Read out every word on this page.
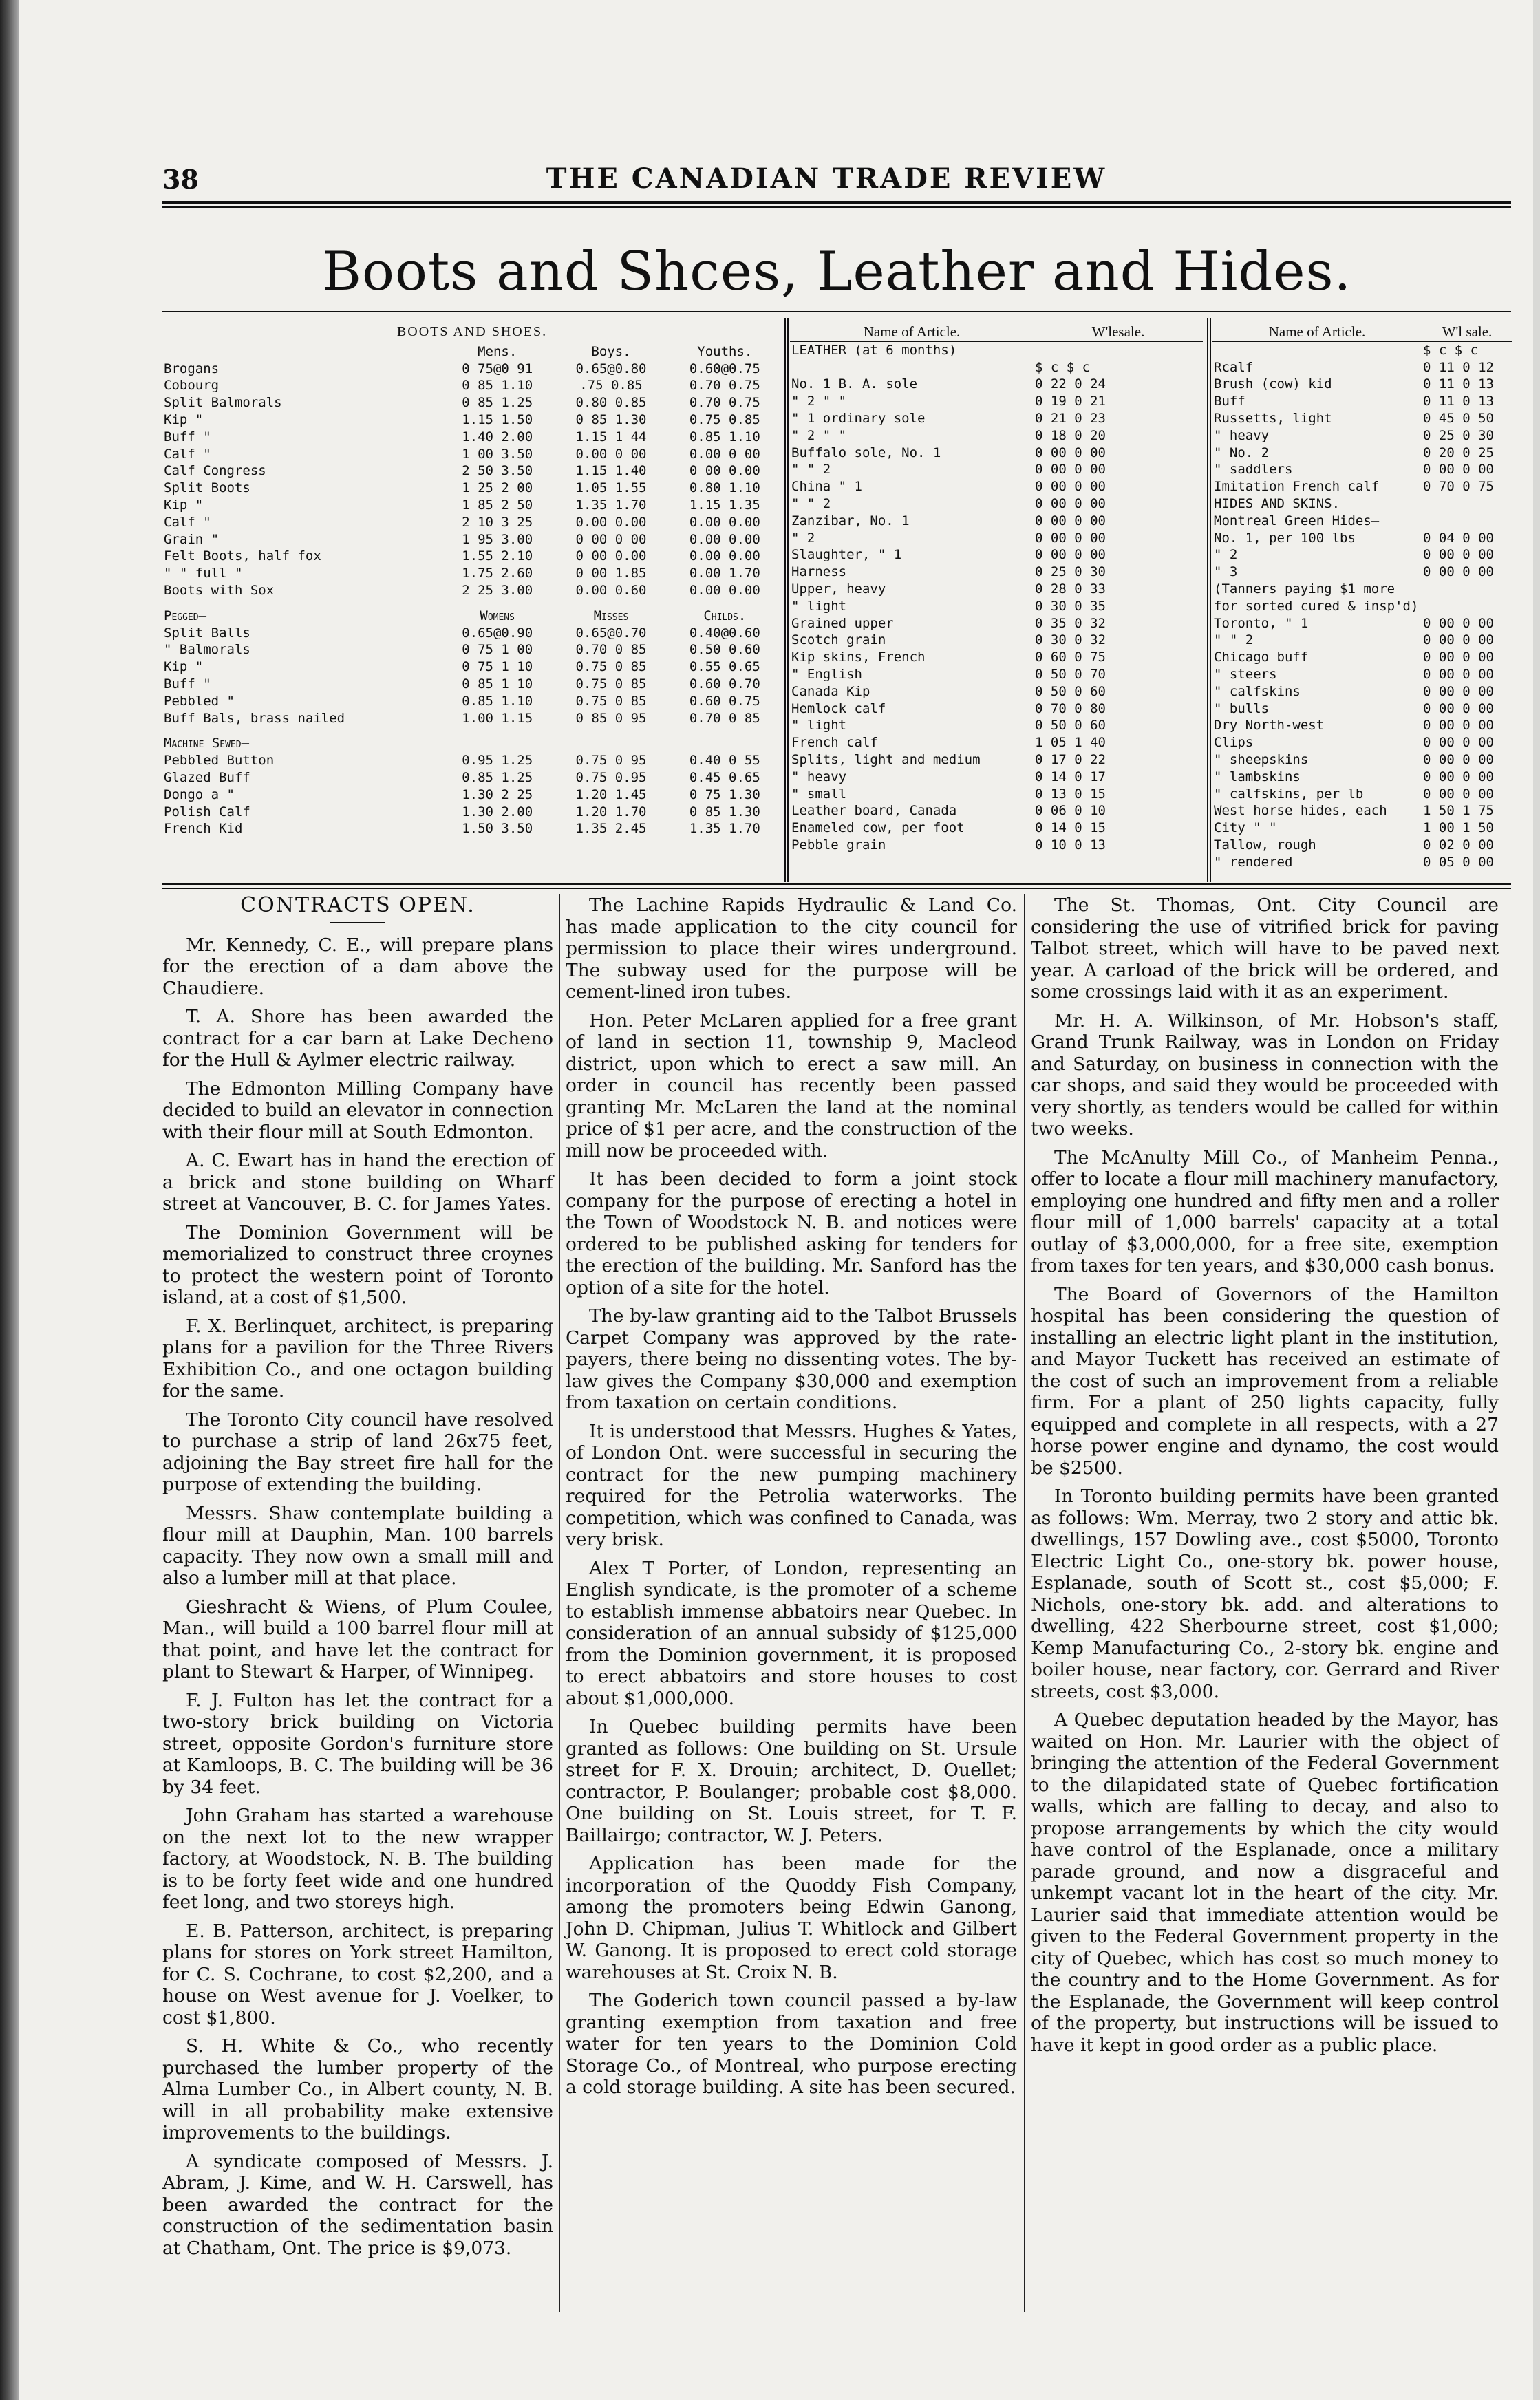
38	THE CANADIAN TRADE REVIEW
Boots and Shces, Leather and Hides.
BOOTS AND SHOES.
	Mens.	Boys.	Youths.
Brogans	0 75@0 91	0.65@0.80	0.60@0.75
Cobourg	0 85 1.10	.75 0.85	0.70 0.75
Split Balmorals	0 85 1.25	0.80 0.85	0.70 0.75
Kip "	1.15 1.50	0 85 1.30	0.75 0.85
Buff "	1.40 2.00	1.15 1 44	0.85 1.10
Calf "	1 00 3.50	0.00 0 00	0.00 0 00
Calf Congress	2 50 3.50	1.15 1.40	0 00 0.00
Split Boots	1 25 2 00	1.05 1.55	0.80 1.10
Kip "	1 85 2 50	1.35 1.70	1.15 1.35
Calf "	2 10 3 25	0.00 0.00	0.00 0.00
Grain "	1 95 3.00	0 00 0 00	0.00 0.00
Felt Boots, half fox	1.55 2.10	0 00 0.00	0.00 0.00
" " full "	1.75 2.60	0 00 1.85	0.00 1.70
Boots with Sox	2 25 3.00	0.00 0.60	0.00 0.00
Pegged—	Womens	Misses	Childs.
Split Balls	0.65@0.90	0.65@0.70	0.40@0.60
" Balmorals	0 75 1 00	0.70 0 85	0.50 0.60
Kip "	0 75 1 10	0.75 0 85	0.55 0.65
Buff "	0 85 1 10	0.75 0 85	0.60 0.70
Pebbled "	0.85 1.10	0.75 0 85	0.60 0.75
Buff Bals, brass nailed	1.00 1.15	0 85 0 95	0.70 0 85
Machine Sewed—			
Pebbled Button	0.95 1.25	0.75 0 95	0.40 0 55
Glazed Buff	0.85 1.25	0.75 0.95	0.45 0.65
Dongo a "	1.30 2 25	1.20 1.45	0 75 1.30
Polish Calf	1.30 2.00	1.20 1.70	0 85 1.30
French Kid	1.50 3.50	1.35 2.45	1.35 1.70
Name of Article.	W'lesale.
LEATHER (at 6 months)	
	$ c $ c
No. 1 B. A. sole	0 22 0 24
" 2 " "	0 19 0 21
" 1 ordinary sole	0 21 0 23
" 2 " "	0 18 0 20
Buffalo sole, No. 1	0 00 0 00
" " 2	0 00 0 00
China " 1	0 00 0 00
" " 2	0 00 0 00
Zanzibar, No. 1	0 00 0 00
" 2	0 00 0 00
Slaughter, " 1	0 00 0 00
Harness	0 25 0 30
Upper, heavy	0 28 0 33
" light	0 30 0 35
Grained upper	0 35 0 32
Scotch grain	0 30 0 32
Kip skins, French	0 60 0 75
" English	0 50 0 70
Canada Kip	0 50 0 60
Hemlock calf	0 70 0 80
" light	0 50 0 60
French calf	1 05 1 40
Splits, light and medium	0 17 0 22
" heavy	0 14 0 17
" small	0 13 0 15
Leather board, Canada	0 06 0 10
Enameled cow, per foot	0 14 0 15
Pebble grain	0 10 0 13
Name of Article.	W'l sale.
	$ c $ c
Rcalf	0 11 0 12
Brush (cow) kid	0 11 0 13
Buff	0 11 0 13
Russetts, light	0 45 0 50
" heavy	0 25 0 30
" No. 2	0 20 0 25
" saddlers	0 00 0 00
Imitation French calf	0 70 0 75
HIDES AND SKINS.	
Montreal Green Hides—	
No. 1, per 100 lbs	0 04 0 00
" 2	0 00 0 00
" 3	0 00 0 00
(Tanners paying $1 more	
for sorted cured & insp'd)	
Toronto, " 1	0 00 0 00
" " 2	0 00 0 00
Chicago buff	0 00 0 00
" steers	0 00 0 00
" calfskins	0 00 0 00
" bulls	0 00 0 00
Dry North-west	0 00 0 00
Clips	0 00 0 00
" sheepskins	0 00 0 00
" lambskins	0 00 0 00
" calfskins, per lb	0 00 0 00
West horse hides, each	1 50 1 75
City " "	1 00 1 50
Tallow, rough	0 02 0 00
" rendered	0 05 0 00
CONTRACTS OPEN.

Mr. Kennedy, C. E., will prepare plans for the erection of a dam above the Chaudiere.

T. A. Shore has been awarded the contract for a car barn at Lake Decheno for the Hull & Aylmer electric railway.

The Edmonton Milling Company have decided to build an elevator in connection with their flour mill at South Edmonton.

A. C. Ewart has in hand the erection of a brick and stone building on Wharf street at Vancouver, B. C. for James Yates.

The Dominion Government will be memorialized to construct three croynes to protect the western point of Toronto island, at a cost of $1,500.

F. X. Berlinquet, architect, is preparing plans for a pavilion for the Three Rivers Exhibition Co., and one octagon building for the same.

The Toronto City council have resolved to purchase a strip of land 26x75 feet, adjoining the Bay street fire hall for the purpose of extending the building.

Messrs. Shaw contemplate building a flour mill at Dauphin, Man. 100 barrels capacity. They now own a small mill and also a lumber mill at that place.

Gieshracht & Wiens, of Plum Coulee, Man., will build a 100 barrel flour mill at that point, and have let the contract for plant to Stewart & Harper, of Winnipeg.

F. J. Fulton has let the contract for a two-story brick building on Victoria street, opposite Gordon's furniture store at Kamloops, B. C. The building will be 36 by 34 feet.

John Graham has started a warehouse on the next lot to the new wrapper factory, at Woodstock, N. B. The building is to be forty feet wide and one hundred feet long, and two storeys high.

E. B. Patterson, architect, is preparing plans for stores on York street Hamilton, for C. S. Cochrane, to cost $2,200, and a house on West avenue for J. Voelker, to cost $1,800.

S. H. White & Co., who recently purchased the lumber property of the Alma Lumber Co., in Albert county, N. B. will in all probability make extensive improvements to the buildings.

A syndicate composed of Messrs. J. Abram, J. Kime, and W. H. Carswell, has been awarded the contract for the construction of the sedimentation basin at Chatham, Ont. The price is $9,073.

The Lachine Rapids Hydraulic & Land Co. has made application to the city council for permission to place their wires underground. The subway used for the purpose will be cement-lined iron tubes.

Hon. Peter McLaren applied for a free grant of land in section 11, township 9, Macleod district, upon which to erect a saw mill. An order in council has recently been passed granting Mr. McLaren the land at the nominal price of $1 per acre, and the construction of the mill now be proceeded with.

It has been decided to form a joint stock company for the purpose of erecting a hotel in the Town of Woodstock N. B. and notices were ordered to be published asking for tenders for the erection of the building. Mr. Sanford has the option of a site for the hotel.

The by-law granting aid to the Talbot Brussels Carpet Company was approved by the rate-payers, there being no dissenting votes. The by-law gives the Company $30,000 and exemption from taxation on certain conditions.

It is understood that Messrs. Hughes & Yates, of London Ont. were successful in securing the contract for the new pumping machinery required for the Petrolia waterworks. The competition, which was confined to Canada, was very brisk.

Alex T Porter, of London, representing an English syndicate, is the promoter of a scheme to establish immense abbatoirs near Quebec. In consideration of an annual subsidy of $125,000 from the Dominion government, it is proposed to erect abbatoirs and store houses to cost about $1,000,000.

In Quebec building permits have been granted as follows: One building on St. Ursule street for F. X. Drouin; architect, D. Ouellet; contractor, P. Boulanger; probable cost $8,000. One building on St. Louis street, for T. F. Baillairgo; contractor, W. J. Peters.

Application has been made for the incorporation of the Quoddy Fish Company, among the promoters being Edwin Ganong, John D. Chipman, Julius T. Whitlock and Gilbert W. Ganong. It is proposed to erect cold storage warehouses at St. Croix N. B.

The Goderich town council passed a by-law granting exemption from taxation and free water for ten years to the Dominion Cold Storage Co., of Montreal, who purpose erecting a cold storage building. A site has been secured.

The St. Thomas, Ont. City Council are considering the use of vitrified brick for paving Talbot street, which will have to be paved next year. A carload of the brick will be ordered, and some crossings laid with it as an experiment.

Mr. H. A. Wilkinson, of Mr. Hobson's staff, Grand Trunk Railway, was in London on Friday and Saturday, on business in connection with the car shops, and said they would be proceeded with very shortly, as tenders would be called for within two weeks.

The McAnulty Mill Co., of Manheim Penna., offer to locate a flour mill machinery manufactory, employing one hundred and fifty men and a roller flour mill of 1,000 barrels' capacity at a total outlay of $3,000,000, for a free site, exemption from taxes for ten years, and $30,000 cash bonus.

The Board of Governors of the Hamilton hospital has been considering the question of installing an electric light plant in the institution, and Mayor Tuckett has received an estimate of the cost of such an improvement from a reliable firm. For a plant of 250 lights capacity, fully equipped and complete in all respects, with a 27 horse power engine and dynamo, the cost would be $2500.

In Toronto building permits have been granted as follows: Wm. Merray, two 2 story and attic bk. dwellings, 157 Dowling ave., cost $5000, Toronto Electric Light Co., one-story bk. power house, Esplanade, south of Scott st., cost $5,000; F. Nichols, one-story bk. add. and alterations to dwelling, 422 Sherbourne street, cost $1,000; Kemp Manufacturing Co., 2-story bk. engine and boiler house, near factory, cor. Gerrard and River streets, cost $3,000.

A Quebec deputation headed by the Mayor, has waited on Hon. Mr. Laurier with the object of bringing the attention of the Federal Government to the dilapidated state of Quebec fortification walls, which are falling to decay, and also to propose arrangements by which the city would have control of the Esplanade, once a military parade ground, and now a disgraceful and unkempt vacant lot in the heart of the city. Mr. Laurier said that immediate attention would be given to the Federal Government property in the city of Quebec, which has cost so much money to the country and to the Home Government. As for the Esplanade, the Government will keep control of the property, but instructions will be issued to have it kept in good order as a public place.
